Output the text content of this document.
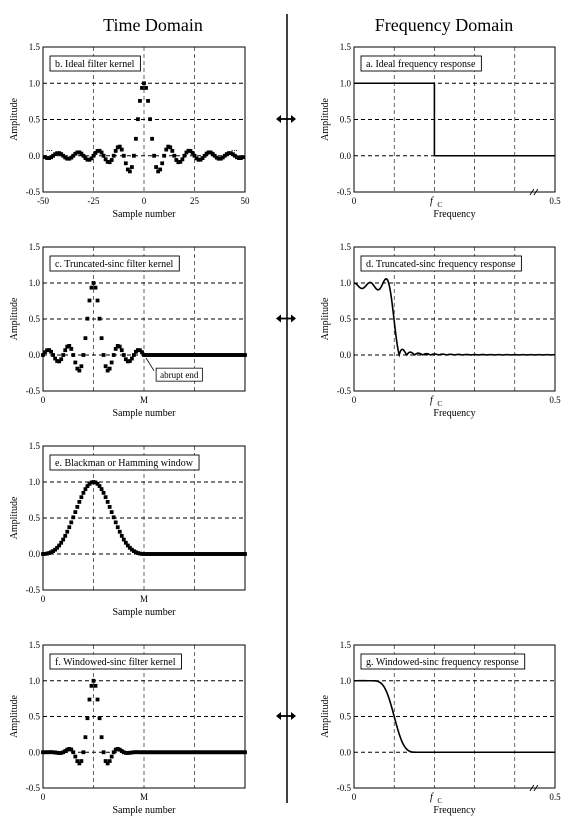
Time Domain	Frequency Domain
-0.5
0.0
0.5
1.0
1.5
-50	-25	0	25	50
Sample number
Amplitude
b. Ideal filter kernel
...	...
-0.5
0.0
0.5
1.0
1.5
0	0.5
f C
Frequency
Amplitude
a. Ideal frequency response
-0.5
0.0
0.5
1.0
1.5
0	M
Sample number
Amplitude
c. Truncated-sinc filter kernel
abrupt end
-0.5
0.0
0.5
1.0
1.5
0	0.5
f C
Frequency
Amplitude
d. Truncated-sinc frequency response
-0.5
0.0
0.5
1.0
1.5
0	M
Sample number
Amplitude
e. Blackman or Hamming window
-0.5
0.0
0.5
1.0
1.5
0	M
Sample number
Amplitude
f. Windowed-sinc filter kernel
-0.5
0.0
0.5
1.0
1.5
0	0.5
f C
Frequency
Amplitude
g. Windowed-sinc frequency response
